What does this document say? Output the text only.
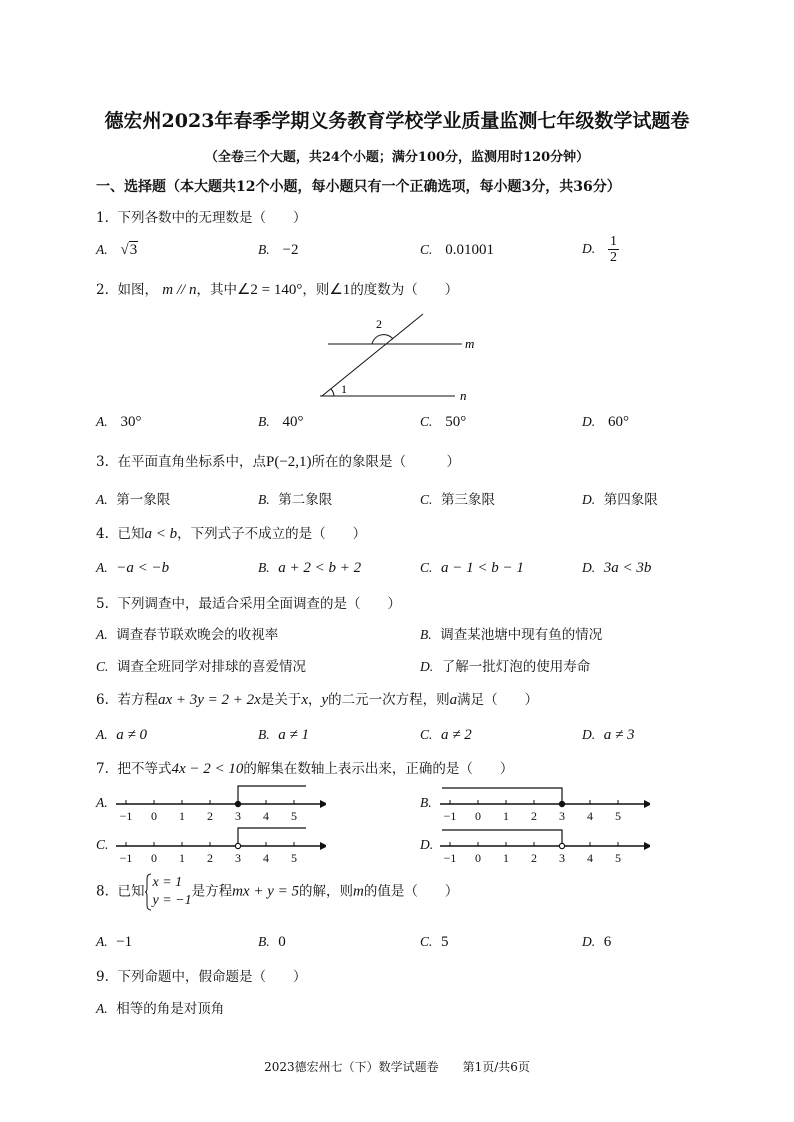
德宏州2023年春季学期义务教育学校学业质量监测七年级数学试题卷
（全卷三个大题，共24个小题；满分100分，监测用时120分钟）
一、选择题（本大题共12个小题，每小题只有一个正确选项，每小题3分，共36分）
1. 下列各数中的无理数是（　　）
A. √3	B. −2	C. 0.01001	D. $\frac{1}{2}$
2. 如图， m // n，其中∠2 = 140°，则∠1的度数为（　　）
2
1
m
n
A. 30°	B. 40°	C. 50°	D. 60°
3. 在平面直角坐标系中，点P(−2,1)所在的象限是（　　　）
A. 第一象限	B. 第二象限	C. 第三象限	D. 第四象限
4. 已知a < b，下列式子不成立的是（　　）
A. −a < −b	B. a + 2 < b + 2	C. a − 1 < b − 1	D. 3a < 3b
5. 下列调查中，最适合采用全面调查的是（　　）
A. 调查春节联欢晚会的收视率	B. 调查某池塘中现有鱼的情况
C. 调查全班同学对排球的喜爱情况	D. 了解一批灯泡的使用寿命
6. 若方程ax + 3y = 2 + 2x是关于x，y的二元一次方程，则a满足（　　）
A. a ≠ 0	B. a ≠ 1	C. a ≠ 2	D. a ≠ 3
7. 把不等式4x − 2 < 10的解集在数轴上表示出来，正确的是（　　）
A.
−1 0 1 2 3 4 5
B.
−1 0 1 2 3 4 5
C.
−1 0 1 2 3 4 5
D.
−1 0 1 2 3 4 5
8. 已知
x = 1
y = −1
是方程mx + y = 5的解，则m的值是（　　）
A. −1	B. 0	C. 5	D. 6
9. 下列命题中，假命题是（　　）
A. 相等的角是对顶角
2023德宏州七（下）数学试题卷　　第1页/共6页
